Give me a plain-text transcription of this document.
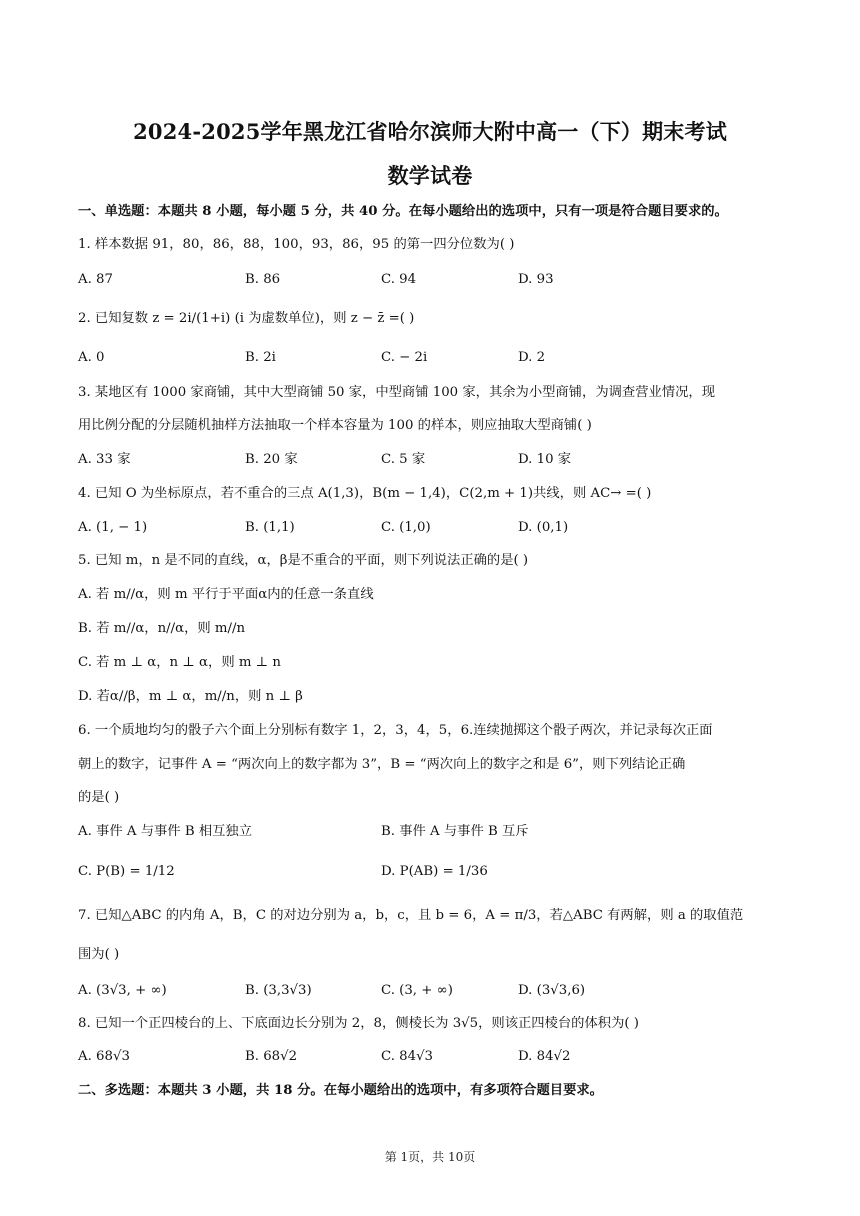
2024-2025学年黑龙江省哈尔滨师大附中高一（下）期末考试
数学试卷
一、单选题：本题共 8 小题，每小题 5 分，共 40 分。在每小题给出的选项中，只有一项是符合题目要求的。
1. 样本数据 91，80，86，88，100，93，86，95 的第一四分位数为( )
A. 87	B. 86	C. 94	D. 93
2. 已知复数 z = 2i/(1+i) (i 为虚数单位)，则 z − z̄ =( )
A. 0	B. 2i	C. − 2i	D. 2
3. 某地区有 1000 家商铺，其中大型商铺 50 家，中型商铺 100 家，其余为小型商铺，为调查营业情况，现
用比例分配的分层随机抽样方法抽取一个样本容量为 100 的样本，则应抽取大型商铺( )
A. 33 家	B. 20 家	C. 5 家	D. 10 家
4. 已知 O 为坐标原点，若不重合的三点 A(1,3)，B(m − 1,4)，C(2,m + 1)共线，则 AC→ =( )
A. (1, − 1)	B. (1,1)	C. (1,0)	D. (0,1)
5. 已知 m，n 是不同的直线，α，β是不重合的平面，则下列说法正确的是( )
A. 若 m//α，则 m 平行于平面α内的任意一条直线
B. 若 m//α，n//α，则 m//n
C. 若 m ⊥ α，n ⊥ α，则 m ⊥ n
D. 若α//β，m ⊥ α，m//n，则 n ⊥ β
6. 一个质地均匀的骰子六个面上分别标有数字 1，2，3，4，5，6.连续抛掷这个骰子两次，并记录每次正面
朝上的数字，记事件 A = “两次向上的数字都为 3”，B = “两次向上的数字之和是 6”，则下列结论正确
的是( )
A. 事件 A 与事件 B 相互独立	B. 事件 A 与事件 B 互斥
C. P(B) = 1/12	D. P(AB) = 1/36
7. 已知△ABC 的内角 A，B，C 的对边分别为 a，b，c，且 b = 6，A = π/3，若△ABC 有两解，则 a 的取值范
围为( )
A. (3√3, + ∞)	B. (3,3√3)	C. (3, + ∞)	D. (3√3,6)
8. 已知一个正四棱台的上、下底面边长分别为 2，8，侧棱长为 3√5，则该正四棱台的体积为( )
A. 68√3	B. 68√2	C. 84√3	D. 84√2
二、多选题：本题共 3 小题，共 18 分。在每小题给出的选项中，有多项符合题目要求。
第 1页，共 10页
